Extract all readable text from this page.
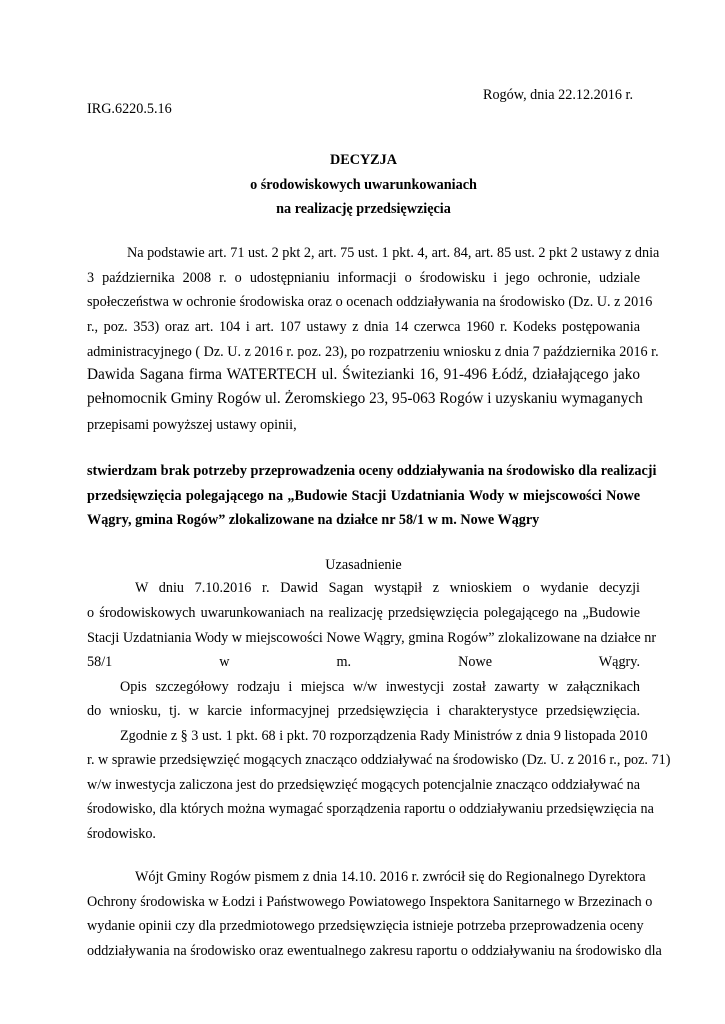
Rogów, dnia 22.12.2016 r.
IRG.6220.5.16
DECYZJA
o środowiskowych uwarunkowaniach
na realizację przedsięwzięcia
Na podstawie art. 71 ust. 2 pkt 2, art. 75 ust. 1 pkt. 4, art. 84, art. 85 ust. 2 pkt 2 ustawy z dnia
3 października 2008 r. o udostępnianiu informacji o środowisku i jego ochronie, udziale
społeczeństwa w ochronie środowiska oraz o ocenach oddziaływania na środowisko (Dz. U. z 2016
r., poz. 353) oraz art. 104 i art. 107 ustawy z dnia 14 czerwca 1960 r. Kodeks postępowania
administracyjnego ( Dz. U. z 2016 r. poz. 23), po rozpatrzeniu wniosku z dnia 7 października 2016 r.
Dawida Sagana firma WATERTECH ul. Świtezianki 16, 91-496 Łódź, działającego jako
pełnomocnik Gminy Rogów ul. Żeromskiego 23, 95-063 Rogów i uzyskaniu wymaganych
przepisami powyższej ustawy opinii,
stwierdzam brak potrzeby przeprowadzenia oceny oddziaływania na środowisko dla realizacji
przedsięwzięcia polegającego na „Budowie Stacji Uzdatniania Wody w miejscowości Nowe
Wągry, gmina Rogów” zlokalizowane na działce nr 58/1 w m. Nowe Wągry
Uzasadnienie
W dniu 7.10.2016 r. Dawid Sagan wystąpił z wnioskiem o wydanie decyzji
o środowiskowych uwarunkowaniach na realizację przedsięwzięcia polegającego na „Budowie
Stacji Uzdatniania Wody w miejscowości Nowe Wągry, gmina Rogów” zlokalizowane na działce nr
58/1 w m. Nowe Wągry.
Opis szczegółowy rodzaju i miejsca w/w inwestycji został zawarty w załącznikach
do wniosku, tj. w karcie informacyjnej przedsięwzięcia i charakterystyce przedsięwzięcia.
Zgodnie z § 3 ust. 1 pkt. 68 i pkt. 70 rozporządzenia Rady Ministrów z dnia 9 listopada 2010
r. w sprawie przedsięwzięć mogących znacząco oddziaływać na środowisko (Dz. U. z 2016 r., poz. 71)
w/w inwestycja zaliczona jest do przedsięwzięć mogących potencjalnie znacząco oddziaływać na
środowisko, dla których można wymagać sporządzenia raportu o oddziaływaniu przedsięwzięcia na
środowisko.
Wójt Gminy Rogów pismem z dnia 14.10. 2016 r. zwrócił się do Regionalnego Dyrektora
Ochrony środowiska w Łodzi i Państwowego Powiatowego Inspektora Sanitarnego w Brzezinach o
wydanie opinii czy dla przedmiotowego przedsięwzięcia istnieje potrzeba przeprowadzenia oceny
oddziaływania na środowisko oraz ewentualnego zakresu raportu o oddziaływaniu na środowisko dla
